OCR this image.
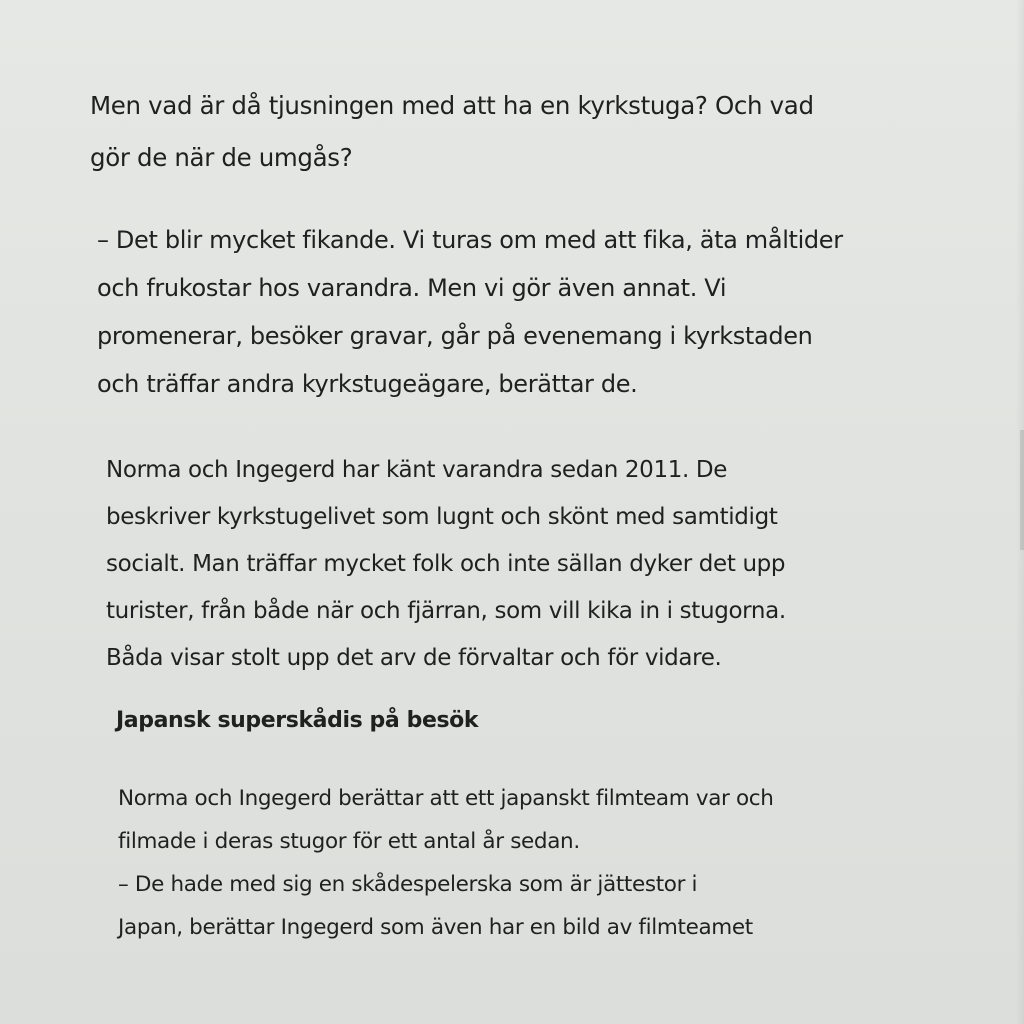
Men vad är då tjusningen med att ha en kyrkstuga? Och vad
gör de när de umgås?

– Det blir mycket fikande. Vi turas om med att fika, äta måltider
och frukostar hos varandra. Men vi gör även annat. Vi
promenerar, besöker gravar, går på evenemang i kyrkstaden
och träffar andra kyrkstugeägare, berättar de.

Norma och Ingegerd har känt varandra sedan 2011. De
beskriver kyrkstugelivet som lugnt och skönt med samtidigt
socialt. Man träffar mycket folk och inte sällan dyker det upp
turister, från både när och fjärran, som vill kika in i stugorna.
Båda visar stolt upp det arv de förvaltar och för vidare.

Japansk superskådis på besök

Norma och Ingegerd berättar att ett japanskt filmteam var och
filmade i deras stugor för ett antal år sedan.
– De hade med sig en skådespelerska som är jättestor i
Japan, berättar Ingegerd som även har en bild av filmteamet
